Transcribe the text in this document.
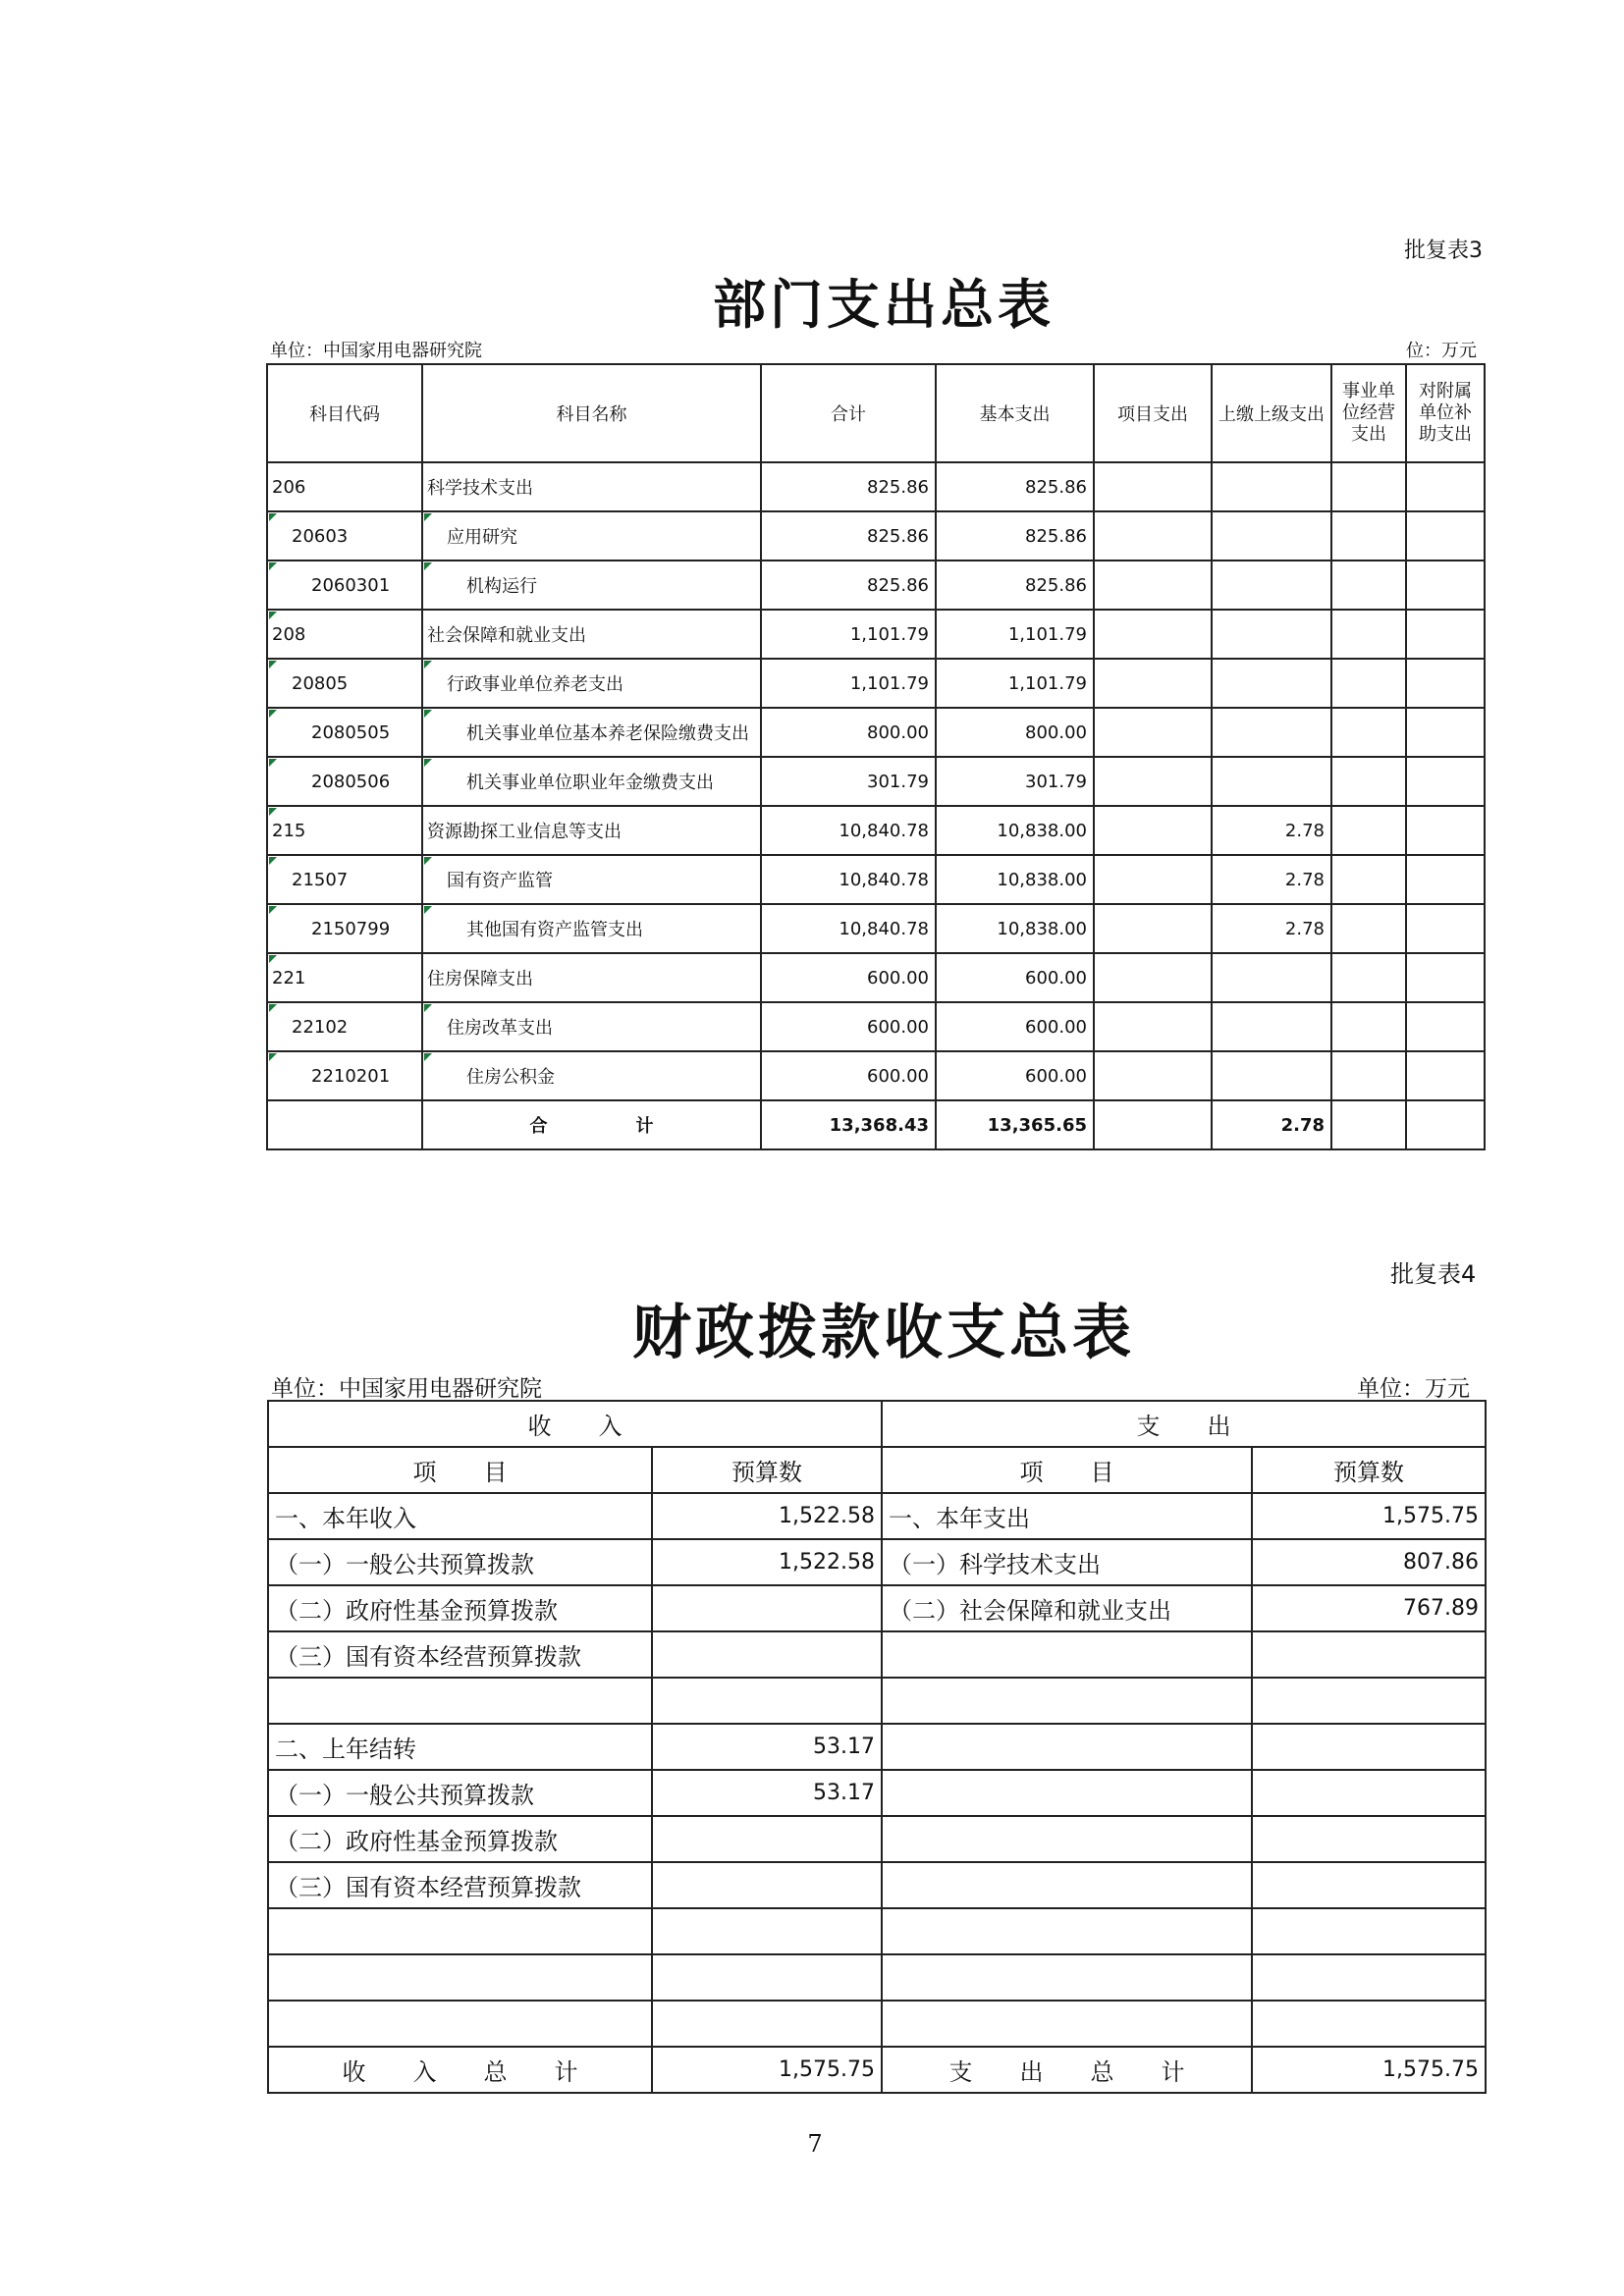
批复表3
部门支出总表
单位：中国家用电器研究院	位：万元
科目代码	科目名称	合计	基本支出	项目支出	上缴上级支出	事业单位经营支出	对附属单位补助支出
206	科学技术支出	825.86	825.86				
20603	应用研究	825.86	825.86				
2060301	机构运行	825.86	825.86				
208	社会保障和就业支出	1,101.79	1,101.79				
20805	行政事业单位养老支出	1,101.79	1,101.79				
2080505	机关事业单位基本养老保险缴费支出	800.00	800.00				
2080506	机关事业单位职业年金缴费支出	301.79	301.79				
215	资源勘探工业信息等支出	10,840.78	10,838.00		2.78		
21507	国有资产监管	10,840.78	10,838.00		2.78		
2150799	其他国有资产监管支出	10,840.78	10,838.00		2.78		
221	住房保障支出	600.00	600.00				
22102	住房改革支出	600.00	600.00				
2210201	住房公积金	600.00	600.00				
	合　　　　　计	13,368.43	13,365.65		2.78		
批复表4
财政拨款收支总表
单位：中国家用电器研究院	单位：万元
收　　入		支　　出	
项　　目	预算数	项　　目	预算数
一、本年收入	1,522.58	一、本年支出	1,575.75
（一）一般公共预算拨款	1,522.58	（一）科学技术支出	807.86
（二）政府性基金预算拨款		（二）社会保障和就业支出	767.89
（三）国有资本经营预算拨款			

二、上年结转	53.17		
（一）一般公共预算拨款	53.17		
（二）政府性基金预算拨款			
（三）国有资本经营预算拨款			

收　　入　　总　　计	1,575.75	支　　出　　总　　计	1,575.75
7
